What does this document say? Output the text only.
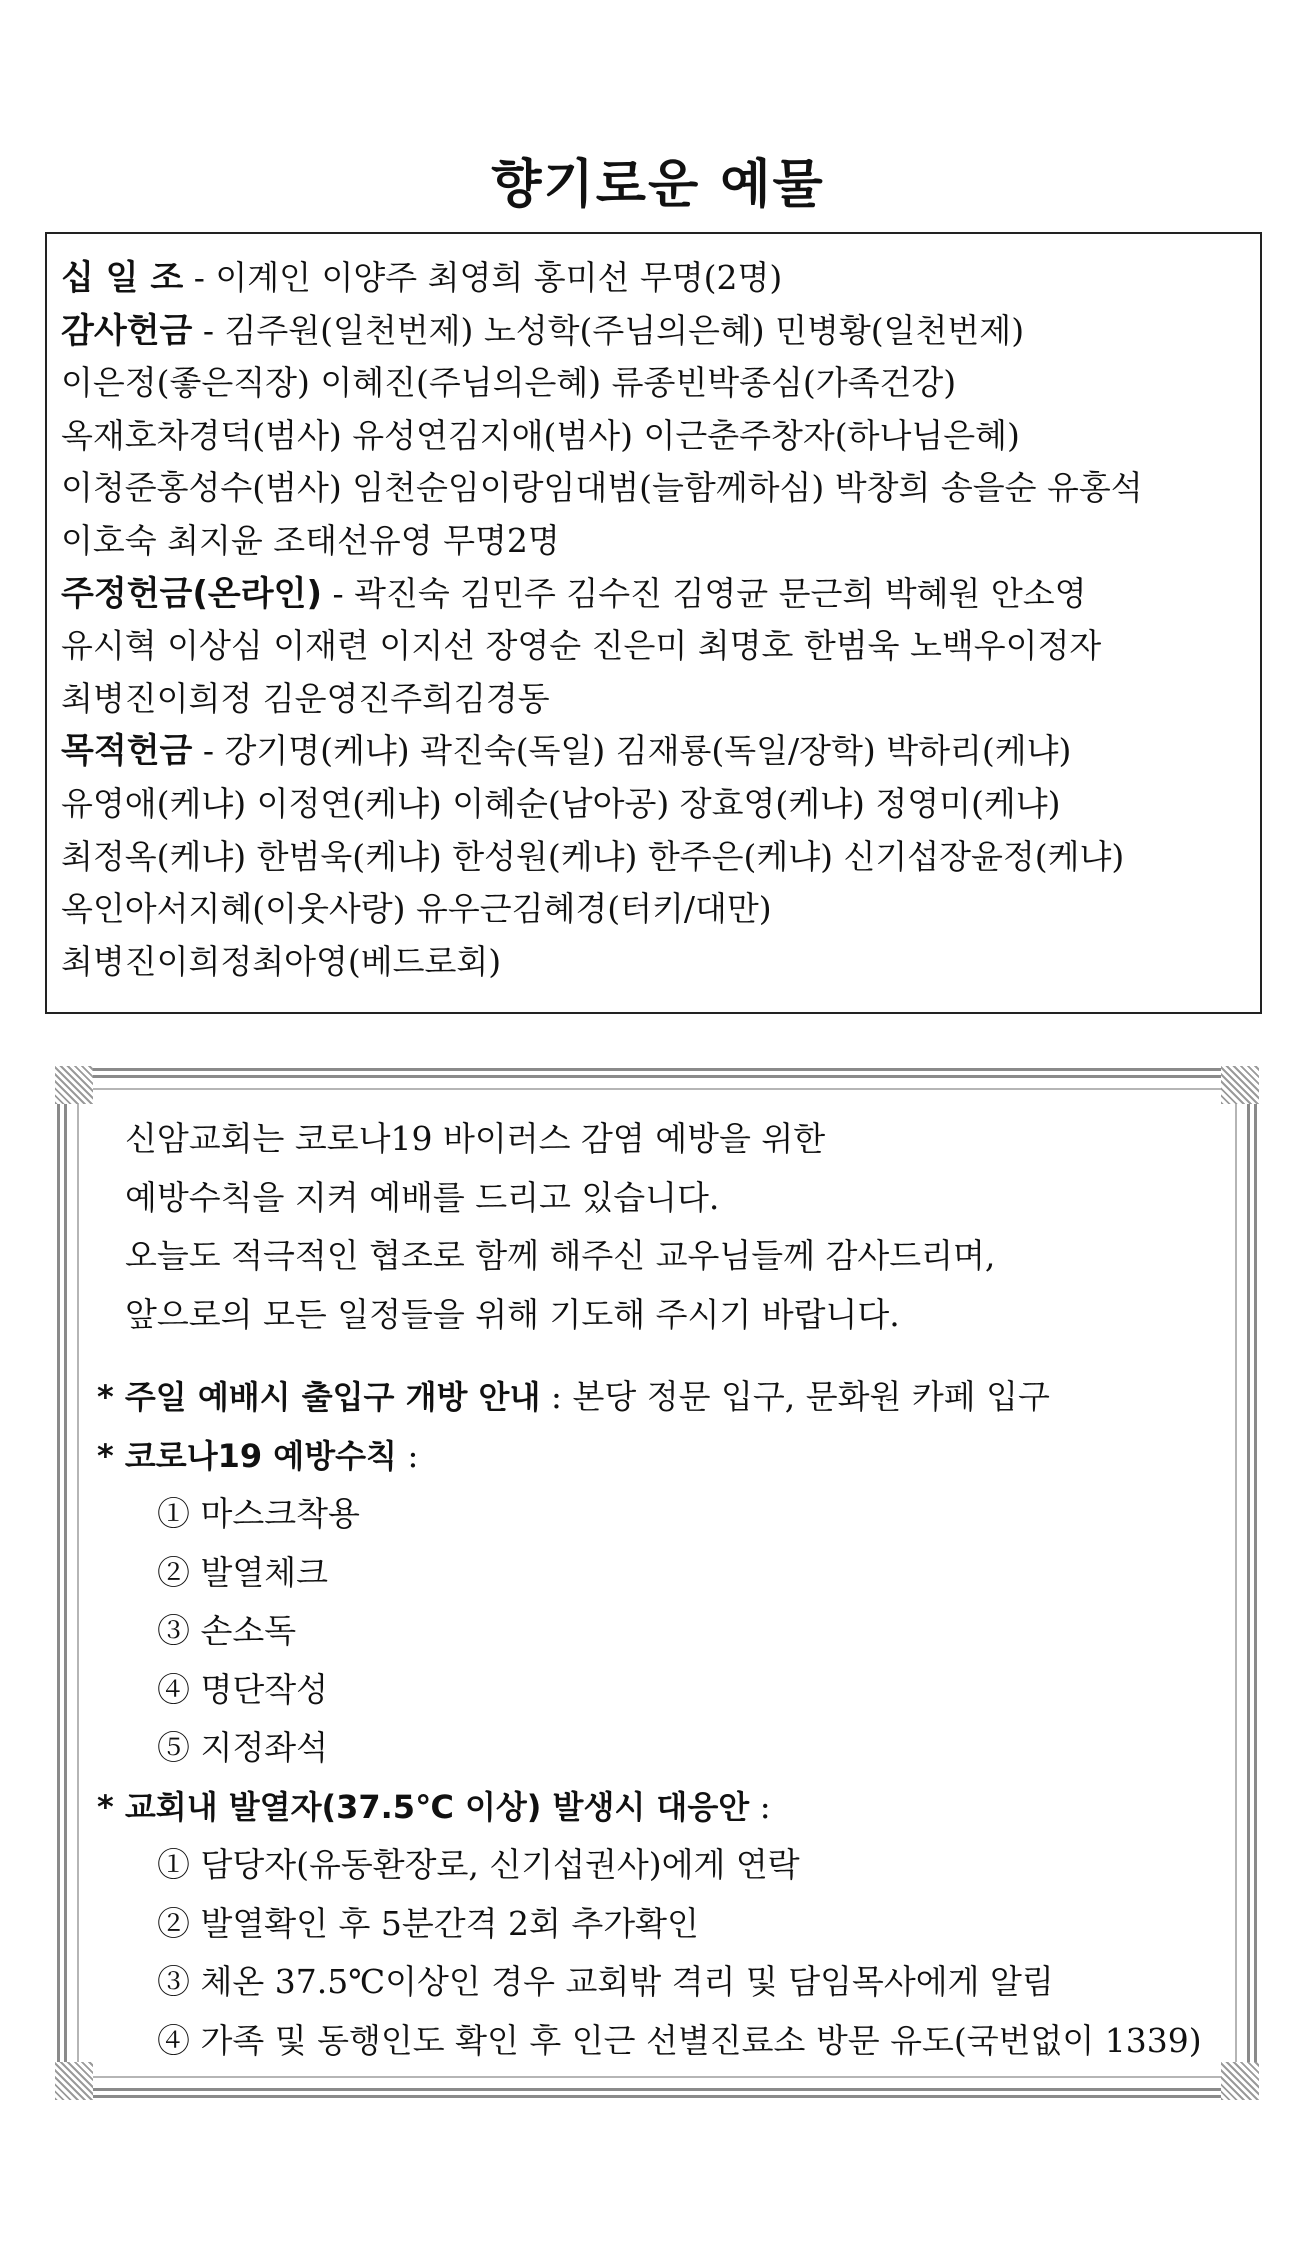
향기로운 예물
십 일 조 - 이계인 이양주 최영희 홍미선 무명(2명)
감사헌금 - 김주원(일천번제) 노성학(주님의은혜) 민병황(일천번제)
이은정(좋은직장) 이혜진(주님의은혜) 류종빈박종심(가족건강)
옥재호차경덕(범사) 유성연김지애(범사) 이근춘주창자(하나님은혜)
이청준홍성수(범사) 임천순임이랑임대범(늘함께하심) 박창희 송을순 유홍석
이호숙 최지윤 조태선유영 무명2명
주정헌금(온라인) - 곽진숙 김민주 김수진 김영균 문근희 박혜원 안소영
유시혁 이상심 이재련 이지선 장영순 진은미 최명호 한범욱 노백우이정자
최병진이희정 김운영진주희김경동
목적헌금 - 강기명(케냐) 곽진숙(독일) 김재룡(독일/장학) 박하리(케냐)
유영애(케냐) 이정연(케냐) 이혜순(남아공) 장효영(케냐) 정영미(케냐)
최정옥(케냐) 한범욱(케냐) 한성원(케냐) 한주은(케냐) 신기섭장윤정(케냐)
옥인아서지혜(이웃사랑) 유우근김혜경(터키/대만)
최병진이희정최아영(베드로회)
신암교회는 코로나19 바이러스 감염 예방을 위한
예방수칙을 지켜 예배를 드리고 있습니다.
오늘도 적극적인 협조로 함께 해주신 교우님들께 감사드리며,
앞으로의 모든 일정들을 위해 기도해 주시기 바랍니다.
* 주일 예배시 출입구 개방 안내 : 본당 정문 입구, 문화원 카페 입구
* 코로나19 예방수칙 :
① 마스크착용
② 발열체크
③ 손소독
④ 명단작성
⑤ 지정좌석
* 교회내 발열자(37.5℃ 이상) 발생시 대응안 :
① 담당자(유동환장로, 신기섭권사)에게 연락
② 발열확인 후 5분간격 2회 추가확인
③ 체온 37.5℃이상인 경우 교회밖 격리 및 담임목사에게 알림
④ 가족 및 동행인도 확인 후 인근 선별진료소 방문 유도(국번없이 1339)
